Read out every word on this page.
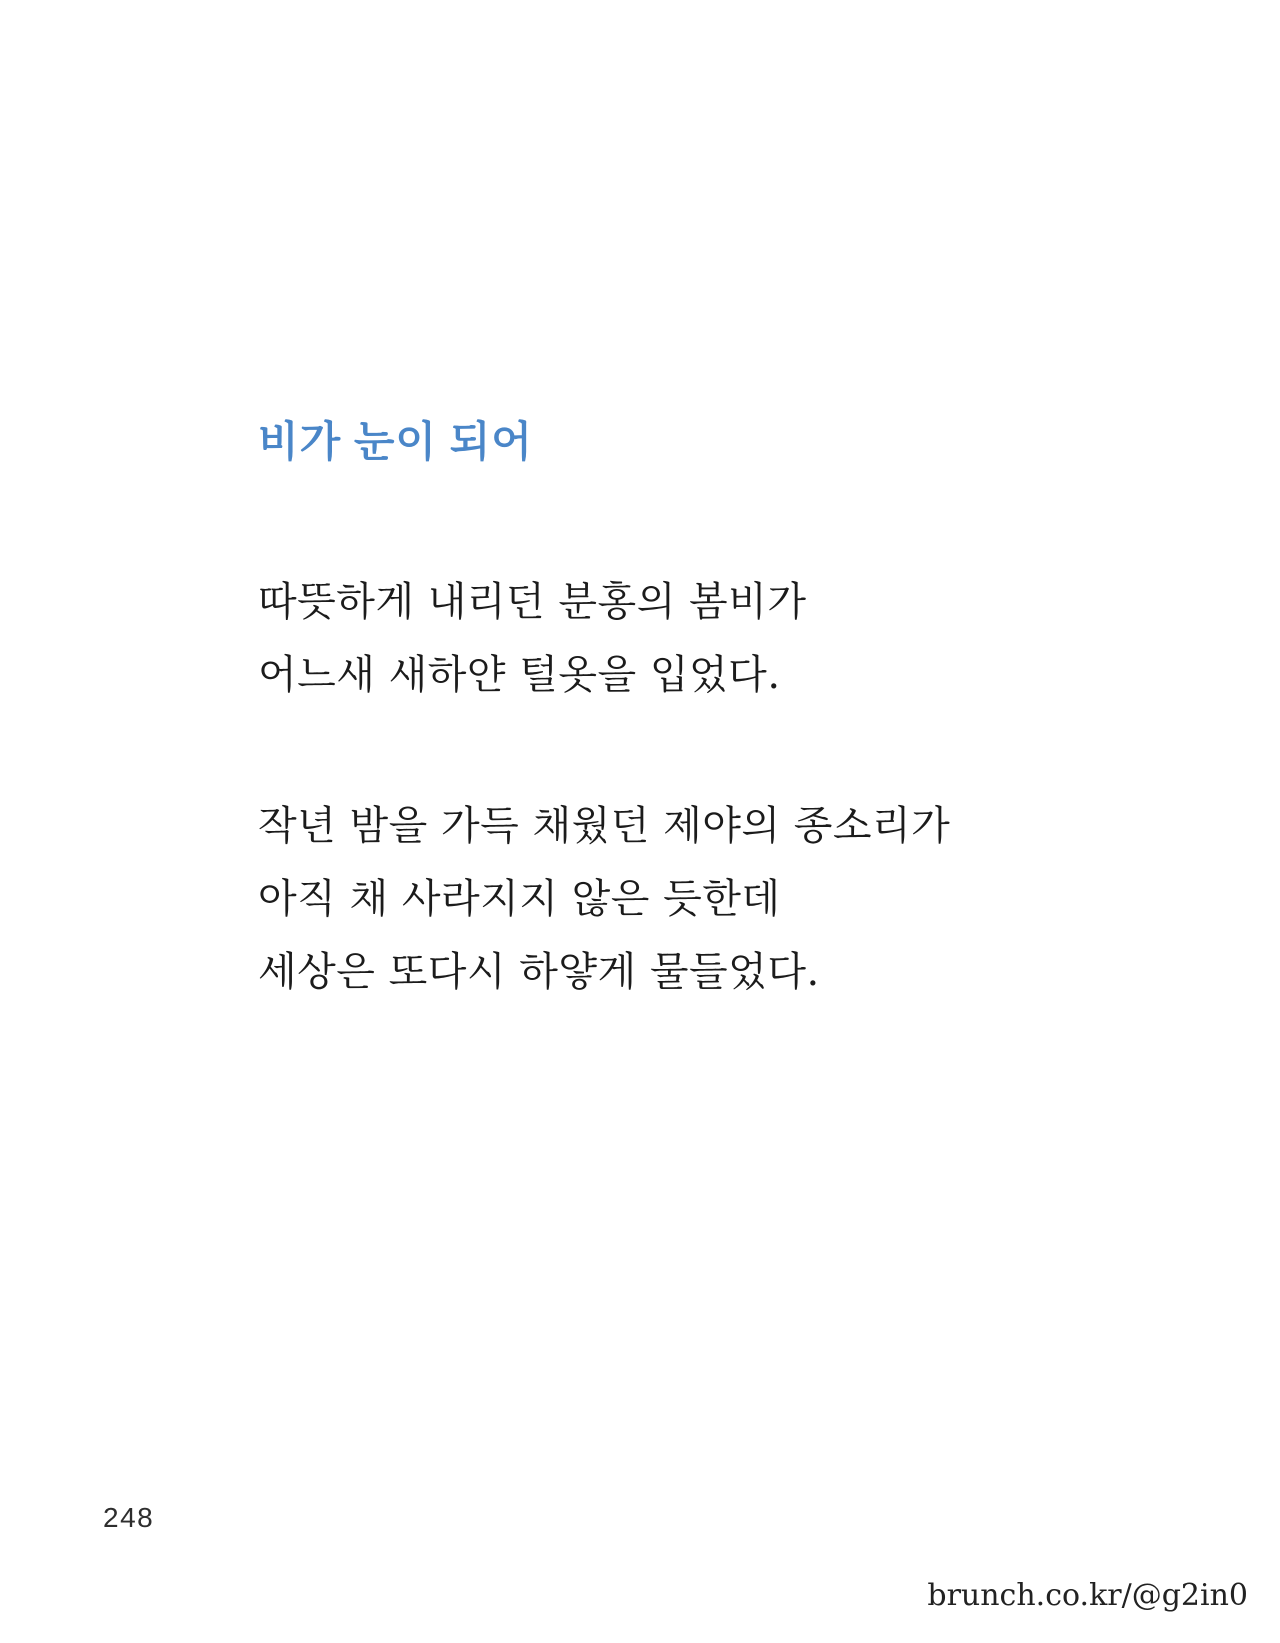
비가 눈이 되어

따뜻하게 내리던 분홍의 봄비가

어느새 새하얀 털옷을 입었다.

작년 밤을 가득 채웠던 제야의 종소리가

아직 채 사라지지 않은 듯한데

세상은 또다시 하얗게 물들었다.

248
brunch.co.kr/@g2in0
